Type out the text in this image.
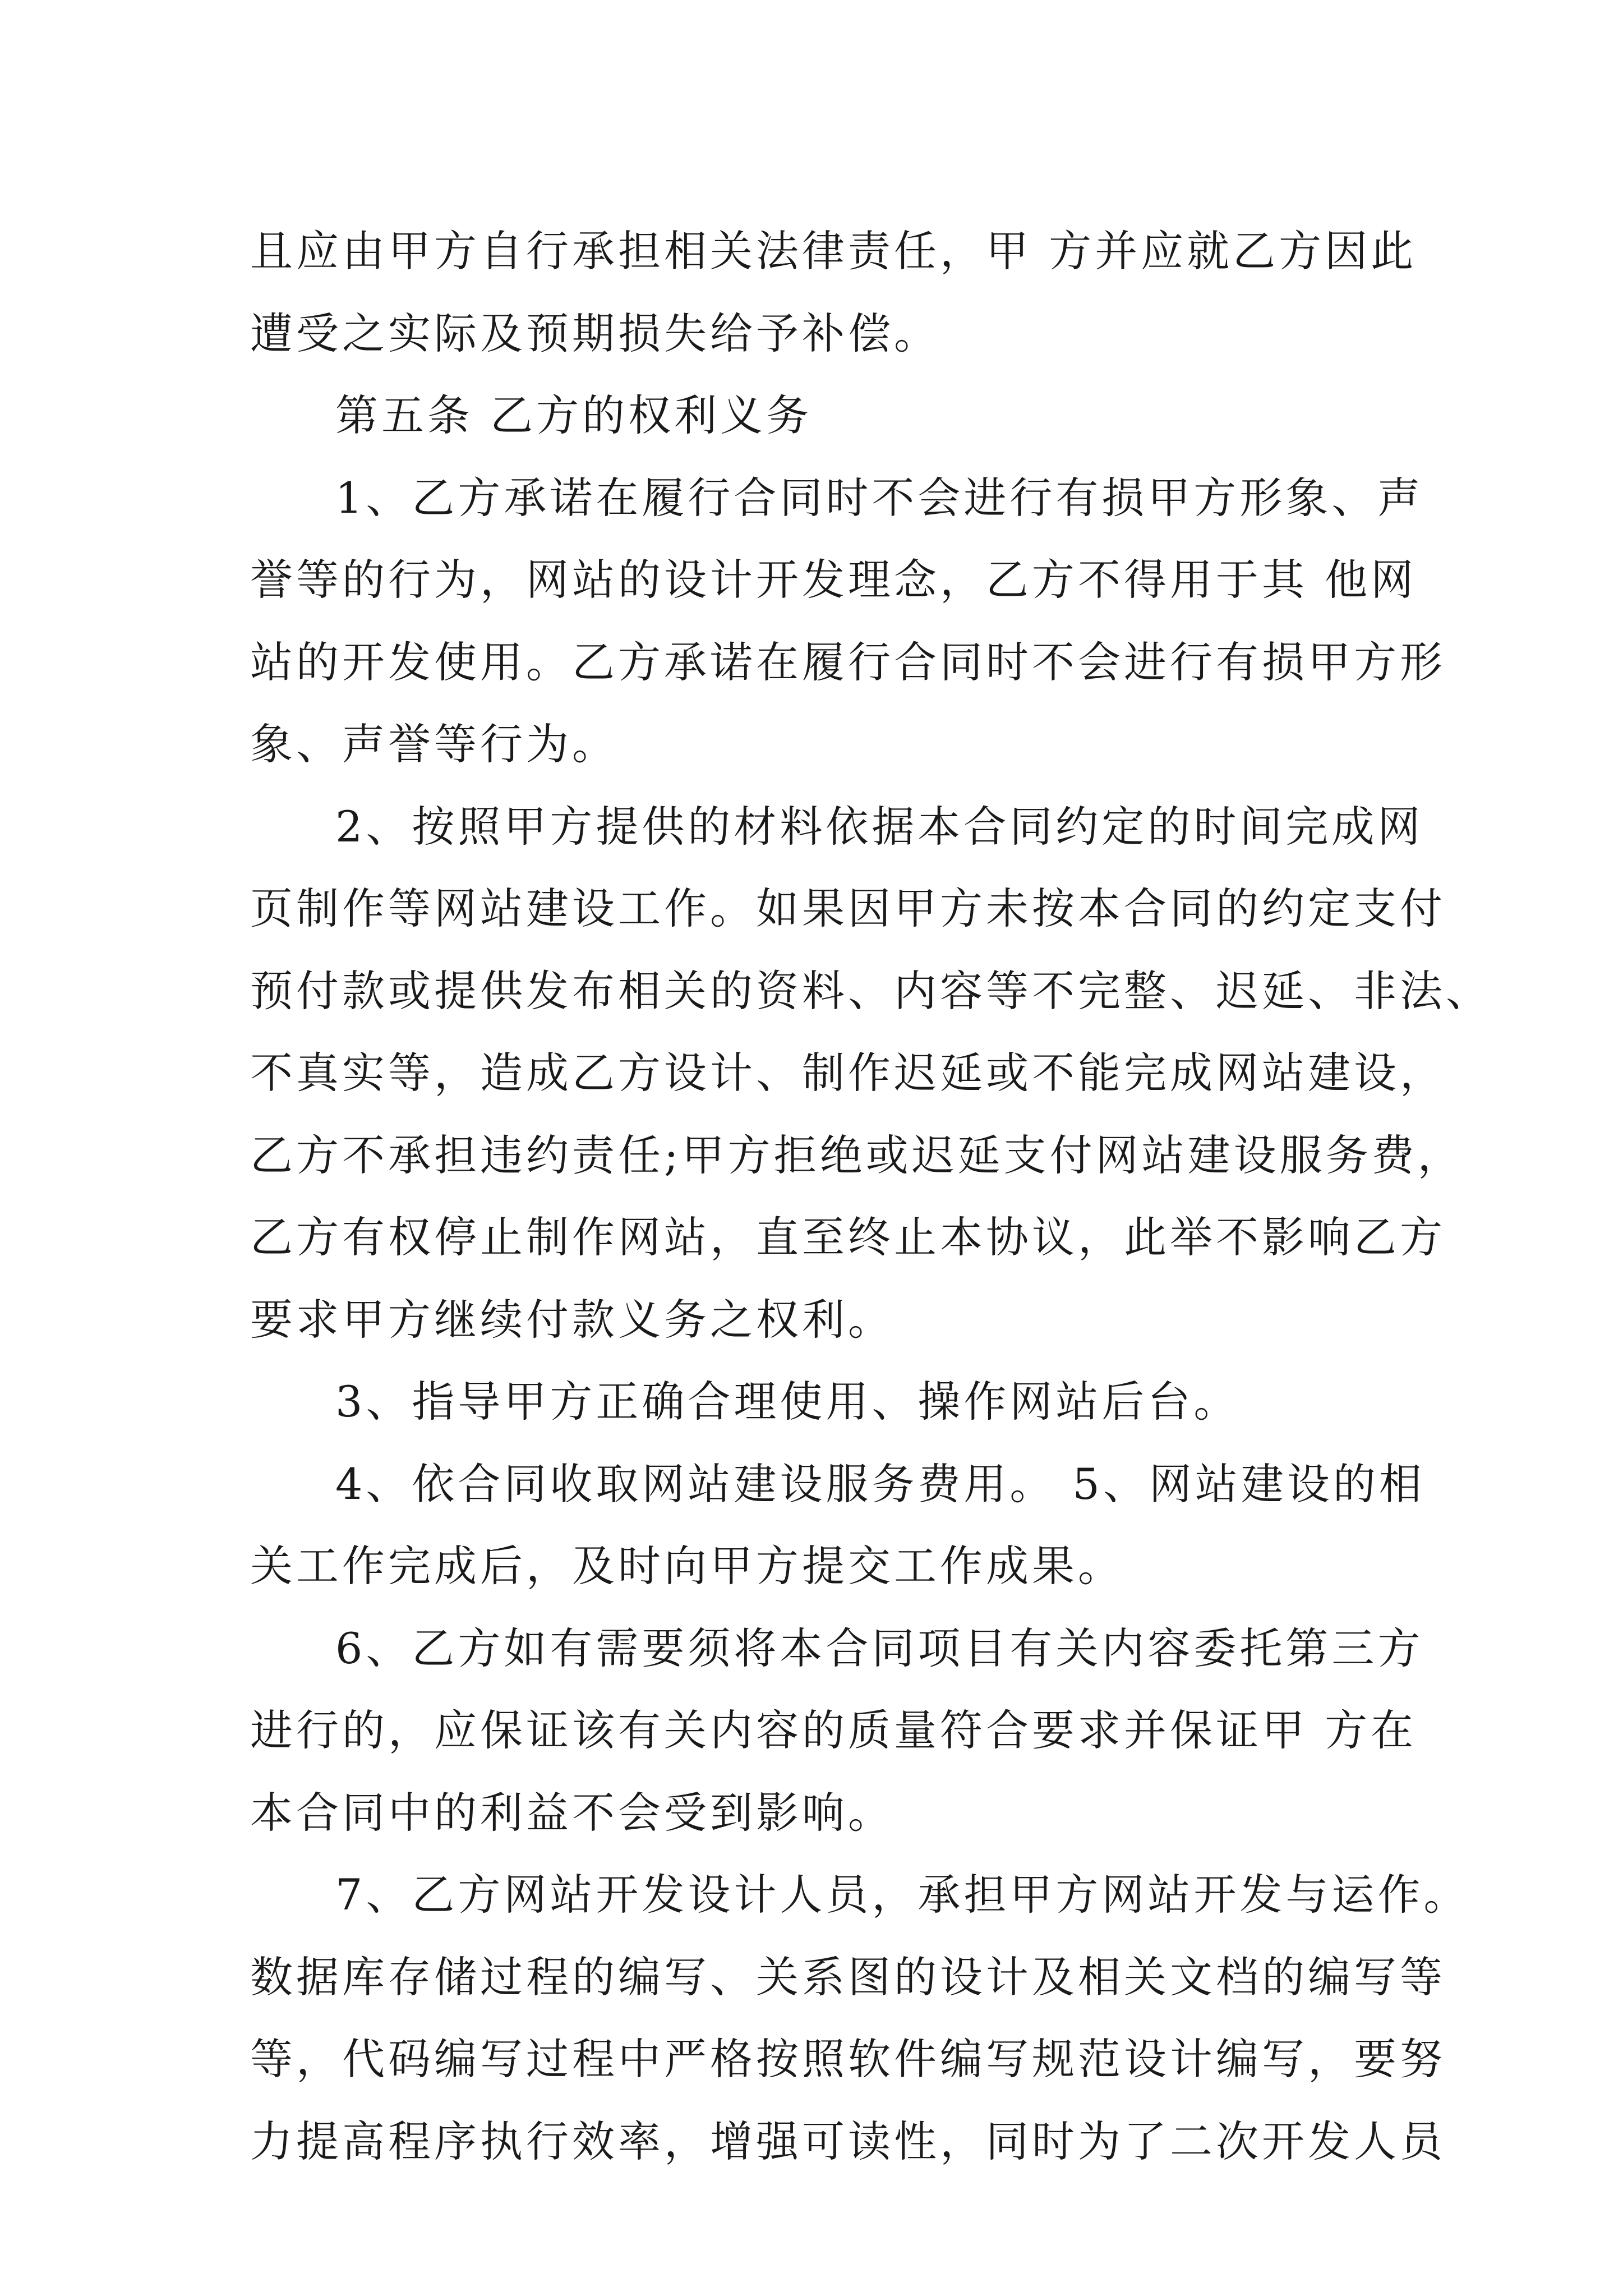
且应由甲方自行承担相关法律责任，甲 方并应就乙方因此
遭受之实际及预期损失给予补偿。
第五条 乙方的权利义务
1、乙方承诺在履行合同时不会进行有损甲方形象、声
誉等的行为，网站的设计开发理念，乙方不得用于其 他网
站的开发使用。乙方承诺在履行合同时不会进行有损甲方形
象、声誉等行为。
2、按照甲方提供的材料依据本合同约定的时间完成网
页制作等网站建设工作。如果因甲方未按本合同的约定支付
预付款或提供发布相关的资料、内容等不完整、迟延、非法、
不真实等，造成乙方设计、制作迟延或不能完成网站建设，
乙方不承担违约责任;甲方拒绝或迟延支付网站建设服务费，
乙方有权停止制作网站，直至终止本协议，此举不影响乙方
要求甲方继续付款义务之权利。
3、指导甲方正确合理使用、操作网站后台。
4、依合同收取网站建设服务费用。 5、网站建设的相
关工作完成后，及时向甲方提交工作成果。
6、乙方如有需要须将本合同项目有关内容委托第三方
进行的，应保证该有关内容的质量符合要求并保证甲 方在
本合同中的利益不会受到影响。
7、乙方网站开发设计人员，承担甲方网站开发与运作。
数据库存储过程的编写、关系图的设计及相关文档的编写等
等，代码编写过程中严格按照软件编写规范设计编写，要努
力提高程序执行效率，增强可读性，同时为了二次开发人员
